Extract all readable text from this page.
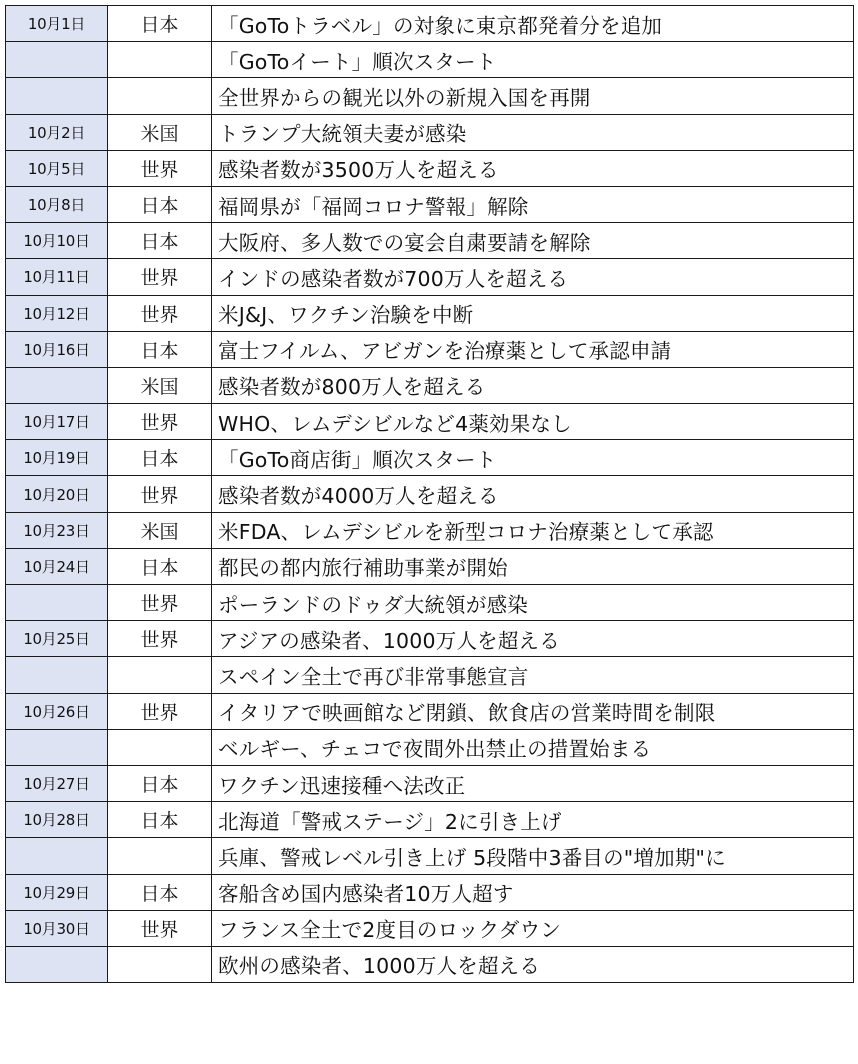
10月1日	日本	「GoToトラベル」の対象に東京都発着分を追加
		「GoToイート」順次スタート
		全世界からの観光以外の新規入国を再開
10月2日	米国	トランプ大統領夫妻が感染
10月5日	世界	感染者数が3500万人を超える
10月8日	日本	福岡県が「福岡コロナ警報」解除
10月10日	日本	大阪府、多人数での宴会自粛要請を解除
10月11日	世界	インドの感染者数が700万人を超える
10月12日	世界	米J&J、ワクチン治験を中断
10月16日	日本	富士フイルム、アビガンを治療薬として承認申請
	米国	感染者数が800万人を超える
10月17日	世界	WHO、レムデシビルなど4薬効果なし
10月19日	日本	「GoTo商店街」順次スタート
10月20日	世界	感染者数が4000万人を超える
10月23日	米国	米FDA、レムデシビルを新型コロナ治療薬として承認
10月24日	日本	都民の都内旅行補助事業が開始
	世界	ポーランドのドゥダ大統領が感染
10月25日	世界	アジアの感染者、1000万人を超える
		スペイン全土で再び非常事態宣言
10月26日	世界	イタリアで映画館など閉鎖、飲食店の営業時間を制限
		ベルギー、チェコで夜間外出禁止の措置始まる
10月27日	日本	ワクチン迅速接種へ法改正
10月28日	日本	北海道「警戒ステージ」2に引き上げ
		兵庫、警戒レベル引き上げ 5段階中3番目の"増加期"に
10月29日	日本	客船含め国内感染者10万人超す
10月30日	世界	フランス全土で2度目のロックダウン
		欧州の感染者、1000万人を超える
